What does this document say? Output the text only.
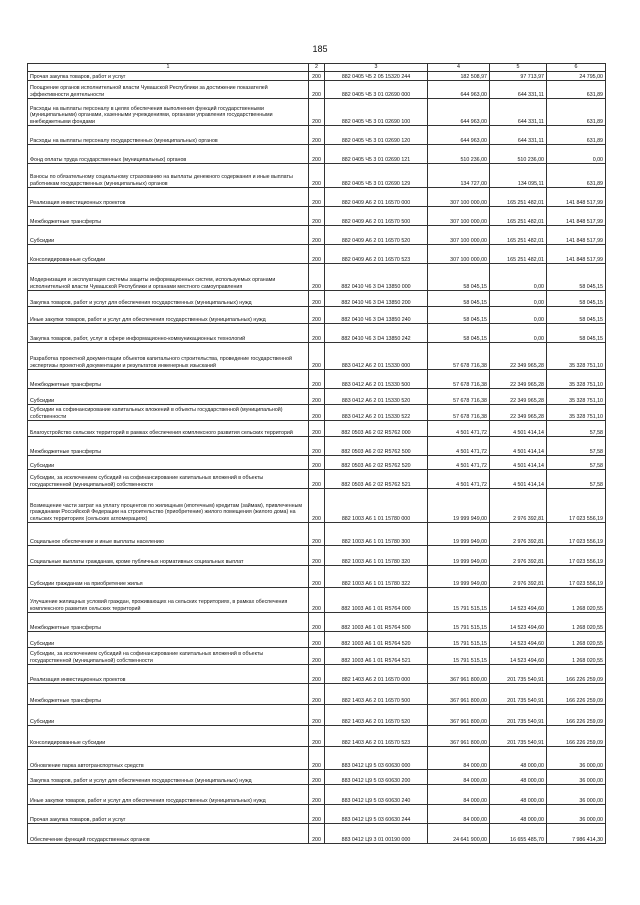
185
1	2	3	4	5	6
Прочая закупка товаров, работ и услуг	200	882 0405 Ч5 2 05 15320 244	182 508,97	97 713,97	24 795,00
Поощрение органов исполнительной власти Чувашской Республики за достижение показателей эффективности деятельности	200	882 0405 Ч5 3 01 02690 000	644 963,00	644 331,11	631,89
Расходы на выплаты персоналу в целях обеспечения выполнения функций государственными (муниципальными) органами, казенными учреждениями, органами управления государственными внебюджетными фондами	200	882 0405 Ч5 3 01 02690 100	644 963,00	644 331,11	631,89
Расходы на выплаты персоналу государственных (муниципальных) органов	200	882 0405 Ч5 3 01 02690 120	644 963,00	644 331,11	631,89
Фонд оплаты труда государственных (муниципальных) органов	200	882 0405 Ч5 3 01 02690 121	510 236,00	510 236,00	0,00
Взносы по обязательному социальному страхованию на выплаты денежного содержания и иные выплаты работникам государственных (муниципальных) органов	200	882 0405 Ч5 3 01 02690 129	134 727,00	134 095,11	631,89
Реализация инвестиционных проектов	200	882 0409 А6 2 01 16570 000	307 100 000,00	165 251 482,01	141 848 517,99
Межбюджетные трансферты	200	882 0409 А6 2 01 16570 500	307 100 000,00	165 251 482,01	141 848 517,99
Субсидии	200	882 0409 А6 2 01 16570 520	307 100 000,00	165 251 482,01	141 848 517,99
Консолидированные субсидии	200	882 0409 А6 2 01 16570 523	307 100 000,00	165 251 482,01	141 848 517,99
Модернизация и эксплуатация системы защиты информационных систем, используемых органами исполнительной власти Чувашской Республики и органами местного самоуправления	200	882 0410 Ч6 3 D4 13850 000	58 045,15	0,00	58 045,15
Закупка товаров, работ и услуг для обеспечения государственных (муниципальных) нужд	200	882 0410 Ч6 3 D4 13850 200	58 045,15	0,00	58 045,15
Иные закупки товаров, работ и услуг для обеспечения государственных (муниципальных) нужд	200	882 0410 Ч6 3 D4 13850 240	58 045,15	0,00	58 045,15
Закупка товаров, работ, услуг в сфере информационно-коммуникационных технологий	200	882 0410 Ч6 3 D4 13850 242	58 045,15	0,00	58 045,15
Разработка проектной документации объектов капитального строительства, проведение государственной экспертизы проектной документации и результатов инженерных изысканий	200	883 0412 А6 2 01 15330 000	57 678 716,38	22 349 965,28	35 328 751,10
Межбюджетные трансферты	200	883 0412 А6 2 01 15330 500	57 678 716,38	22 349 965,28	35 328 751,10
Субсидии	200	883 0412 А6 2 01 15330 520	57 678 716,38	22 349 965,28	35 328 751,10
Субсидии на софинансирование капитальных вложений в объекты государственной (муниципальной) собственности	200	883 0412 А6 2 01 15330 522	57 678 716,38	22 349 965,28	35 328 751,10
Благоустройство сельских территорий в рамках обеспечения комплексного развития сельских территорий	200	882 0503 А6 2 02 R5762 000	4 501 471,72	4 501 414,14	57,58
Межбюджетные трансферты	200	882 0503 А6 2 02 R5762 500	4 501 471,72	4 501 414,14	57,58
Субсидии	200	882 0503 А6 2 02 R5762 520	4 501 471,72	4 501 414,14	57,58
Субсидии, за исключением субсидий на софинансирование капитальных вложений в объекты государственной (муниципальной) собственности	200	882 0503 А6 2 02 R5762 521	4 501 471,72	4 501 414,14	57,58
Возмещение части затрат на уплату процентов по жилищным (ипотечным) кредитам (займам), привлеченным гражданами Российской Федерации на строительство (приобретение) жилого помещения (жилого дома) на сельских территориях (сельских агломерациях)	200	882 1003 А6 1 01 15780 000	19 999 949,00	2 976 392,81	17 023 556,19
Социальное обеспечение и иные выплаты населению	200	882 1003 А6 1 01 15780 300	19 999 949,00	2 976 392,81	17 023 556,19
Социальные выплаты гражданам, кроме публичных нормативных социальных выплат	200	882 1003 А6 1 01 15780 320	19 999 949,00	2 976 392,81	17 023 556,19
Субсидии гражданам на приобретение жилья	200	882 1003 А6 1 01 15780 322	19 999 949,00	2 976 392,81	17 023 556,19
Улучшение жилищных условий граждан, проживающих на сельских территориях, в рамках обеспечения комплексного развития сельских территорий	200	882 1003 А6 1 01 R5764 000	15 791 515,15	14 523 494,60	1 268 020,55
Межбюджетные трансферты	200	882 1003 А6 1 01 R5764 500	15 791 515,15	14 523 494,60	1 268 020,55
Субсидии	200	882 1003 А6 1 01 R5764 520	15 791 515,15	14 523 494,60	1 268 020,55
Субсидии, за исключением субсидий на софинансирование капитальных вложений в объекты государственной (муниципальной) собственности	200	882 1003 А6 1 01 R5764 521	15 791 515,15	14 523 494,60	1 268 020,55
Реализация инвестиционных проектов	200	882 1403 А6 2 01 16570 000	367 961 800,00	201 735 540,91	166 226 259,09
Межбюджетные трансферты	200	882 1403 А6 2 01 16570 500	367 961 800,00	201 735 540,91	166 226 259,09
Субсидии	200	882 1403 А6 2 01 16570 520	367 961 800,00	201 735 540,91	166 226 259,09
Консолидированные субсидии	200	882 1403 А6 2 01 16570 523	367 961 800,00	201 735 540,91	166 226 259,09
Обновление парка автотранспортных средств	200	883 0412 Ц9 5 03 60630 000	84 000,00	48 000,00	36 000,00
Закупка товаров, работ и услуг для обеспечения государственных (муниципальных) нужд	200	883 0412 Ц9 5 03 60630 200	84 000,00	48 000,00	36 000,00
Иные закупки товаров, работ и услуг для обеспечения государственных (муниципальных) нужд	200	883 0412 Ц9 5 03 60630 240	84 000,00	48 000,00	36 000,00
Прочая закупка товаров, работ и услуг	200	883 0412 Ц9 5 03 60630 244	84 000,00	48 000,00	36 000,00
Обеспечение функций государственных органов	200	883 0412 Ц9 3 01 00190 000	24 641 900,00	16 655 485,70	7 986 414,30
